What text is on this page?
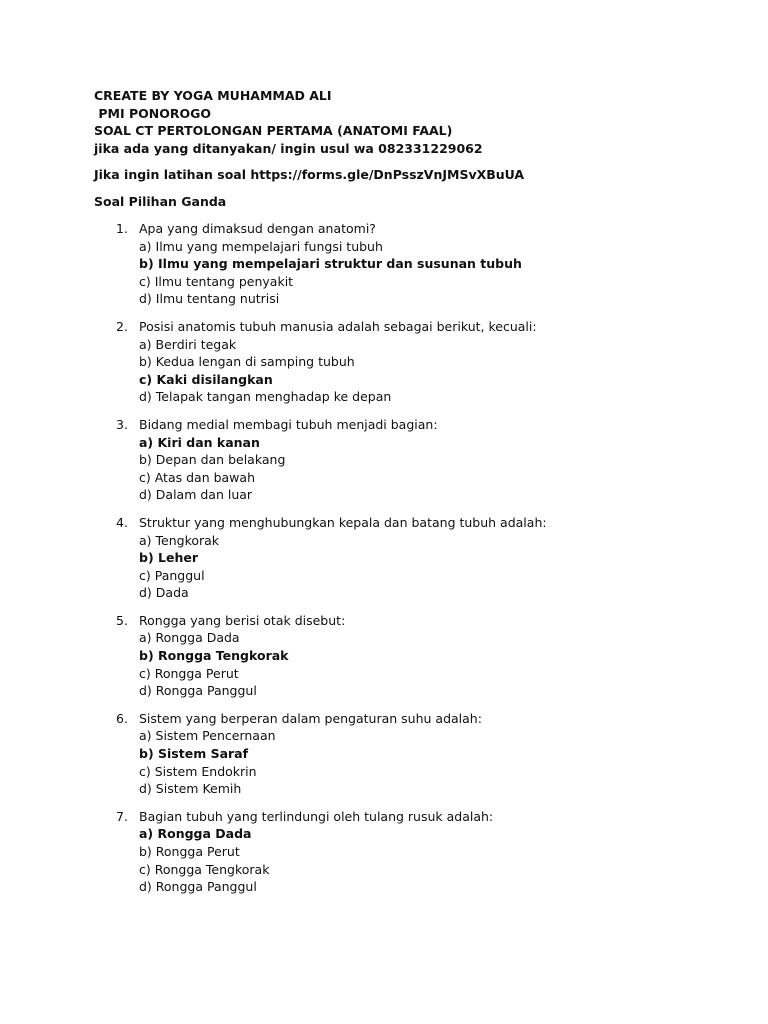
CREATE BY YOGA MUHAMMAD ALI
PMI PONOROGO
SOAL CT PERTOLONGAN PERTAMA (ANATOMI FAAL)
jika ada yang ditanyakan/ ingin usul wa 082331229062
Jika ingin latihan soal https://forms.gle/DnPsszVnJMSvXBuUA
Soal Pilihan Ganda
1. Apa yang dimaksud dengan anatomi?
a) Ilmu yang mempelajari fungsi tubuh
b) Ilmu yang mempelajari struktur dan susunan tubuh
c) Ilmu tentang penyakit
d) Ilmu tentang nutrisi
2. Posisi anatomis tubuh manusia adalah sebagai berikut, kecuali:
a) Berdiri tegak
b) Kedua lengan di samping tubuh
c) Kaki disilangkan
d) Telapak tangan menghadap ke depan
3. Bidang medial membagi tubuh menjadi bagian:
a) Kiri dan kanan
b) Depan dan belakang
c) Atas dan bawah
d) Dalam dan luar
4. Struktur yang menghubungkan kepala dan batang tubuh adalah:
a) Tengkorak
b) Leher
c) Panggul
d) Dada
5. Rongga yang berisi otak disebut:
a) Rongga Dada
b) Rongga Tengkorak
c) Rongga Perut
d) Rongga Panggul
6. Sistem yang berperan dalam pengaturan suhu adalah:
a) Sistem Pencernaan
b) Sistem Saraf
c) Sistem Endokrin
d) Sistem Kemih
7. Bagian tubuh yang terlindungi oleh tulang rusuk adalah:
a) Rongga Dada
b) Rongga Perut
c) Rongga Tengkorak
d) Rongga Panggul
